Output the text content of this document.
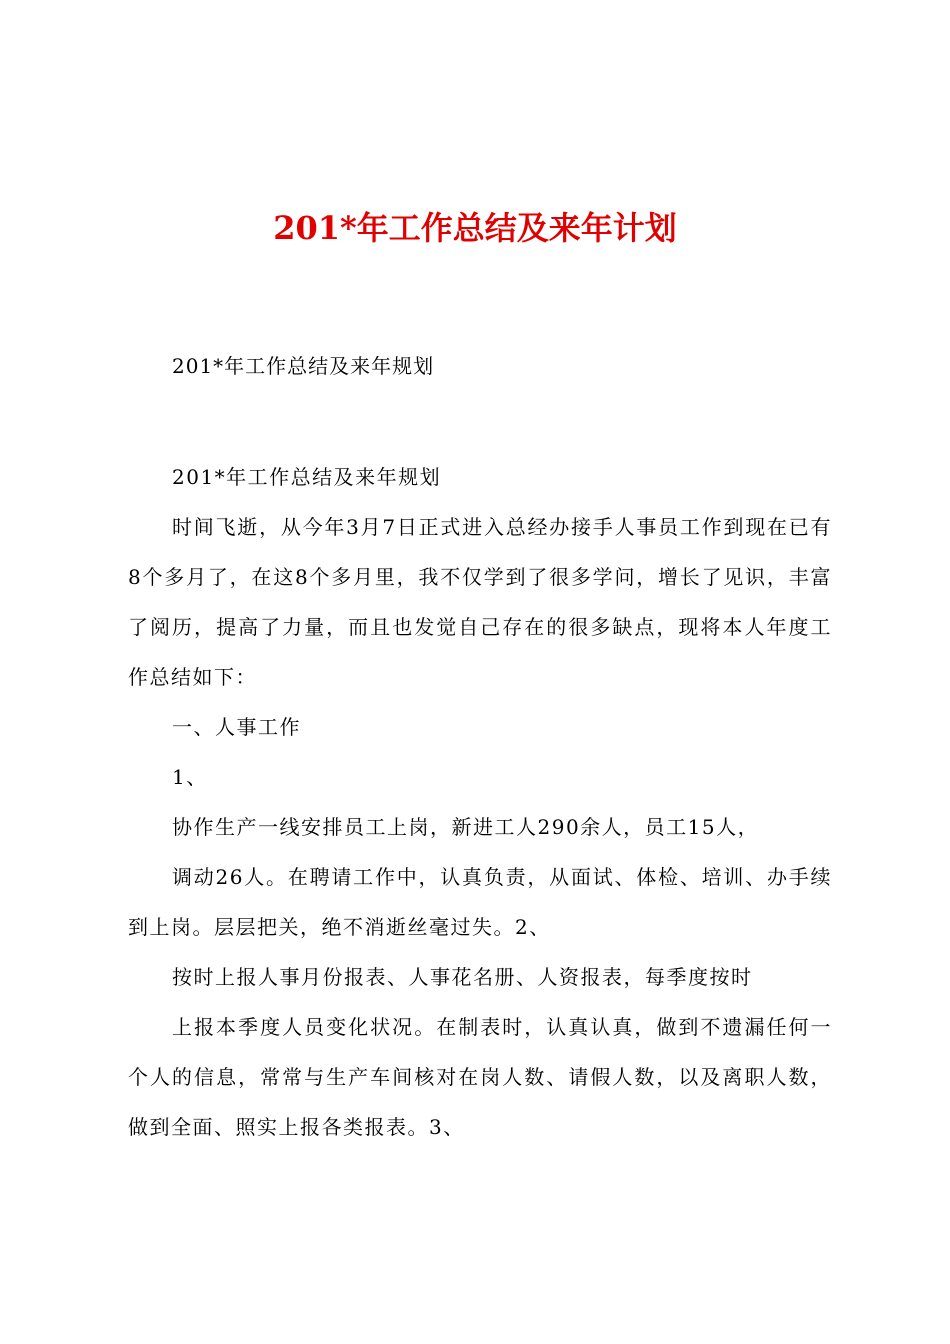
201*年工作总结及来年计划

201*年工作总结及来年规划

201*年工作总结及来年规划

时间飞逝，从今年3月7日正式进入总经办接手人事员工作到现在已有8个多月了，在这8个多月里，我不仅学到了很多学问，增长了见识，丰富了阅历，提高了力量，而且也发觉自己存在的很多缺点，现将本人年度工作总结如下：

一、人事工作

1、

协作生产一线安排员工上岗，新进工人290余人，员工15人，

调动26人。在聘请工作中，认真负责，从面试、体检、培训、办手续到上岗。层层把关，绝不消逝丝毫过失。2、

按时上报人事月份报表、人事花名册、人资报表，每季度按时

上报本季度人员变化状况。在制表时，认真认真，做到不遗漏任何一个人的信息，常常与生产车间核对在岗人数、请假人数，以及离职人数，做到全面、照实上报各类报表。3、
